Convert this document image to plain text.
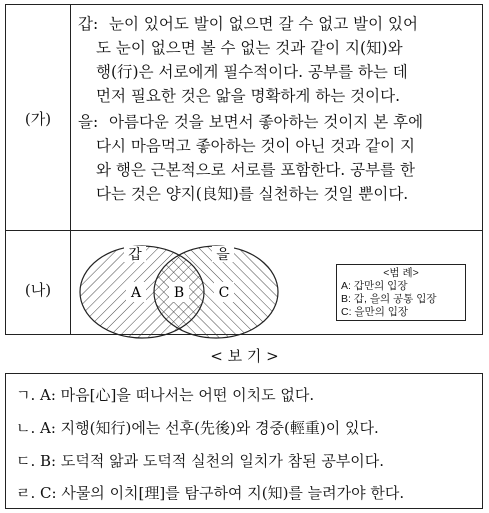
(가)
(나)
갑: 눈이 있어도 발이 없으면 갈 수 없고 발이 있어
도 눈이 없으면 볼 수 없는 것과 같이 지(知)와
행(行)은 서로에게 필수적이다. 공부를 하는 데
먼저 필요한 것은 앎을 명확하게 하는 것이다.
을: 아름다운 것을 보면서 좋아하는 것이지 본 후에
다시 마음먹고 좋아하는 것이 아닌 것과 같이 지
와 행은 근본적으로 서로를 포함한다. 공부를 한
다는 것은 양지(良知)를 실천하는 것일 뿐이다.
갑	을
A B C
<범 례>
A: 갑만의 입장
B: 갑, 을의 공통 입장
C: 을만의 입장
< 보 기 >
ㄱ. A: 마음[心]을 떠나서는 어떤 이치도 없다.
ㄴ. A: 지행(知行)에는 선후(先後)와 경중(輕重)이 있다.
ㄷ. B: 도덕적 앎과 도덕적 실천의 일치가 참된 공부이다.
ㄹ. C: 사물의 이치[理]를 탐구하여 지(知)를 늘려가야 한다.
